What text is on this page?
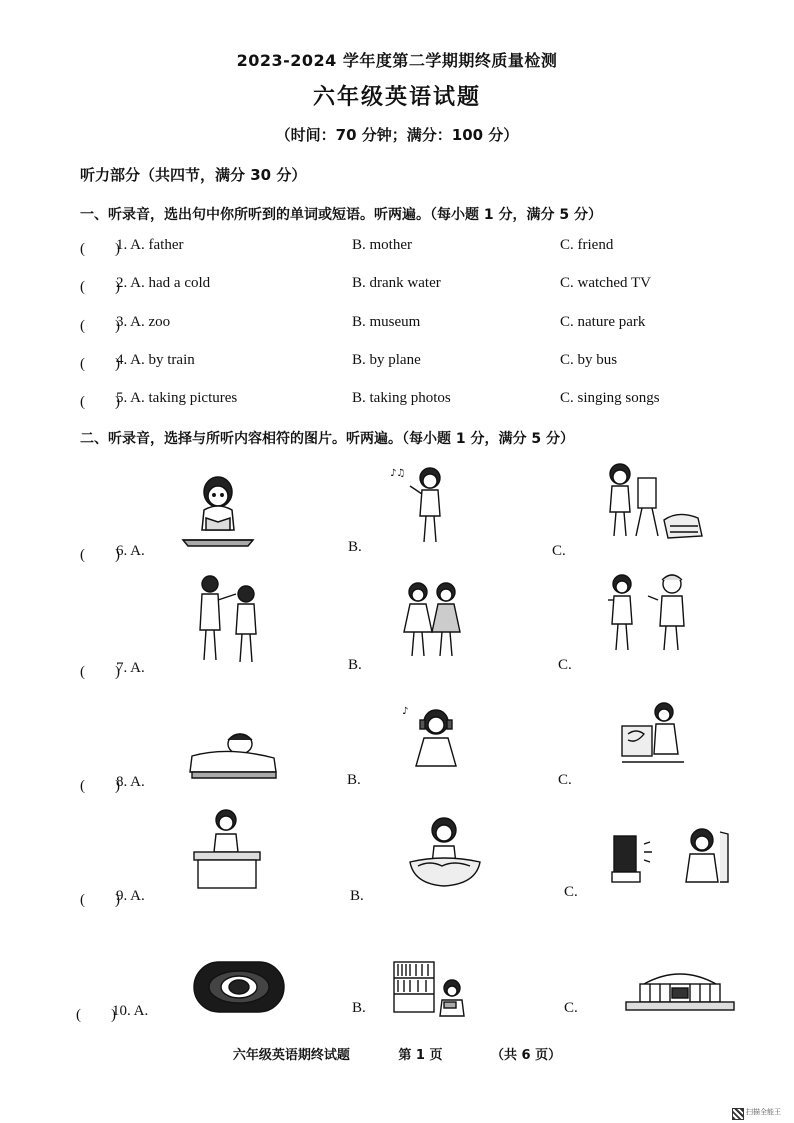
2023-2024 学年度第二学期期终质量检测
六年级英语试题
（时间：70 分钟；满分：100 分）
听力部分（共四节，满分 30 分）
一、听录音，选出句中你所听到的单词或短语。听两遍。（每小题 1 分，满分 5 分）
(　　)
1. A. father	B. mother	C. friend
(　　)
2. A. had a cold	B. drank water	C. watched TV
(　　)
3. A. zoo	B. museum	C. nature park
(　　)
4. A. by train	B. by plane	C. by bus
(　　)
5. A. taking pictures	B. taking photos	C. singing songs
二、听录音，选择与所听内容相符的图片。听两遍。（每小题 1 分，满分 5 分）
(　　)
6. A.	B.	C.
(　　)
7. A.	B.	C.
(　　)
8. A.	B.	C.
(　　)
9. A.	B.	C.
(　　)
10. A.	B.	C.
♪♫
♪
六年级英语期终试题	第 1 页	（共 6 页）
扫描全能王
